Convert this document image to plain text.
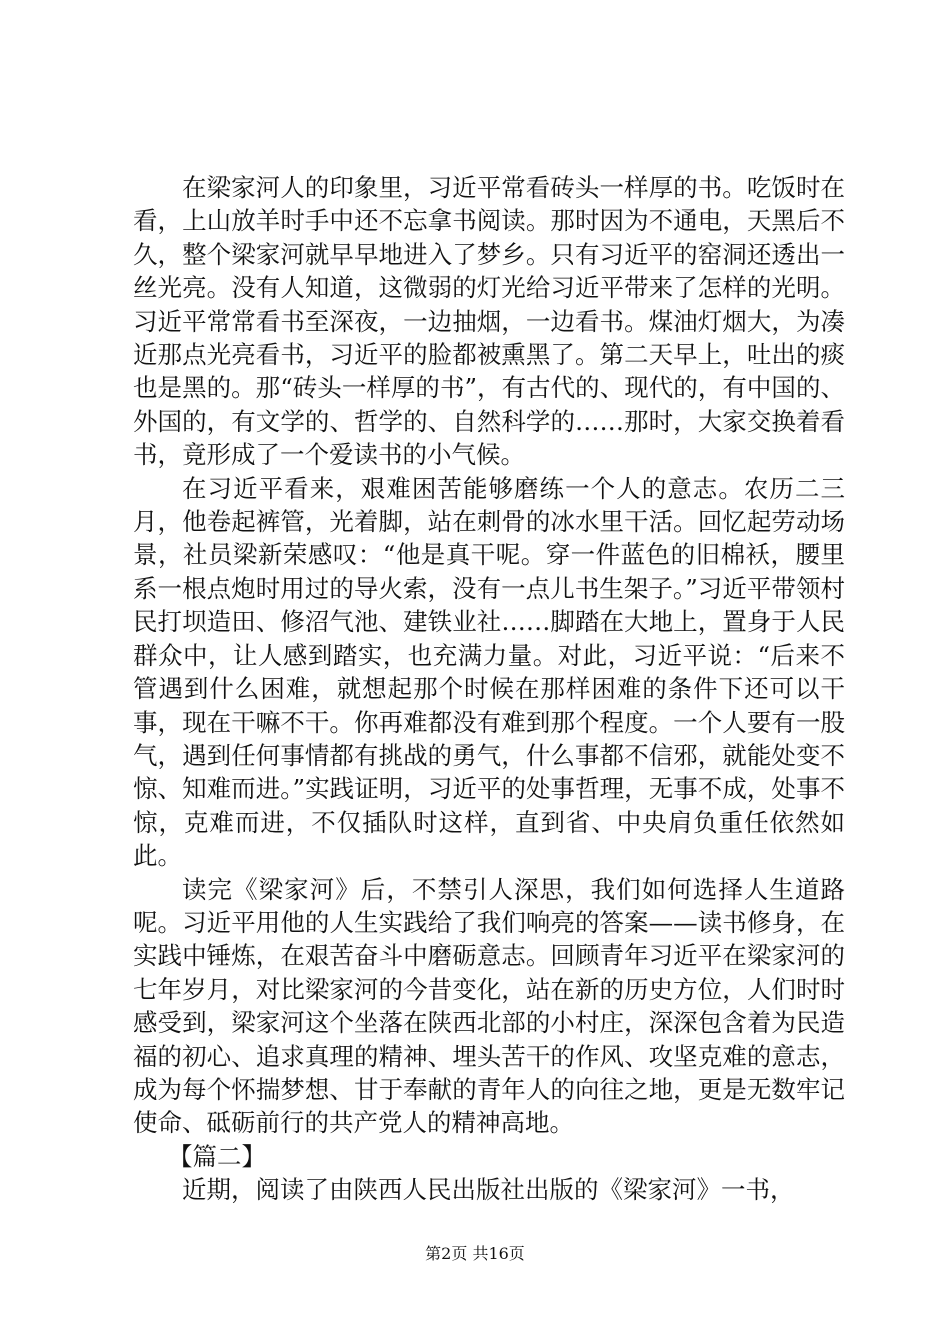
在梁家河人的印象里，习近平常看砖头一样厚的书。吃饭时在看，上山放羊时手中还不忘拿书阅读。那时因为不通电，天黑后不久，整个梁家河就早早地进入了梦乡。只有习近平的窑洞还透出一丝光亮。没有人知道，这微弱的灯光给习近平带来了怎样的光明。习近平常常看书至深夜，一边抽烟，一边看书。煤油灯烟大，为凑近那点光亮看书，习近平的脸都被熏黑了。第二天早上，吐出的痰也是黑的。那“砖头一样厚的书”，有古代的、现代的，有中国的、外国的，有文学的、哲学的、自然科学的……那时，大家交换着看书，竟形成了一个爱读书的小气候。

在习近平看来，艰难困苦能够磨练一个人的意志。农历二三月，他卷起裤管，光着脚，站在刺骨的冰水里干活。回忆起劳动场景，社员梁新荣感叹：“他是真干呢。穿一件蓝色的旧棉袄，腰里系一根点炮时用过的导火索，没有一点儿书生架子。”习近平带领村民打坝造田、修沼气池、建铁业社……脚踏在大地上，置身于人民群众中，让人感到踏实，也充满力量。对此，习近平说：“后来不管遇到什么困难，就想起那个时候在那样困难的条件下还可以干事，现在干嘛不干。你再难都没有难到那个程度。一个人要有一股气，遇到任何事情都有挑战的勇气，什么事都不信邪，就能处变不惊、知难而进。”实践证明，习近平的处事哲理，无事不成，处事不惊，克难而进，不仅插队时这样，直到省、中央肩负重任依然如此。

读完《梁家河》后，不禁引人深思，我们如何选择人生道路呢。习近平用他的人生实践给了我们响亮的答案——读书修身，在实践中锤炼，在艰苦奋斗中磨砺意志。回顾青年习近平在梁家河的七年岁月，对比梁家河的今昔变化，站在新的历史方位，人们时时感受到，梁家河这个坐落在陕西北部的小村庄，深深包含着为民造福的初心、追求真理的精神、埋头苦干的作风、攻坚克难的意志，成为每个怀揣梦想、甘于奉献的青年人的向往之地，更是无数牢记使命、砥砺前行的共产党人的精神高地。

【篇二】

近期，阅读了由陕西人民出版社出版的《梁家河》一书，

第2页 共16页
